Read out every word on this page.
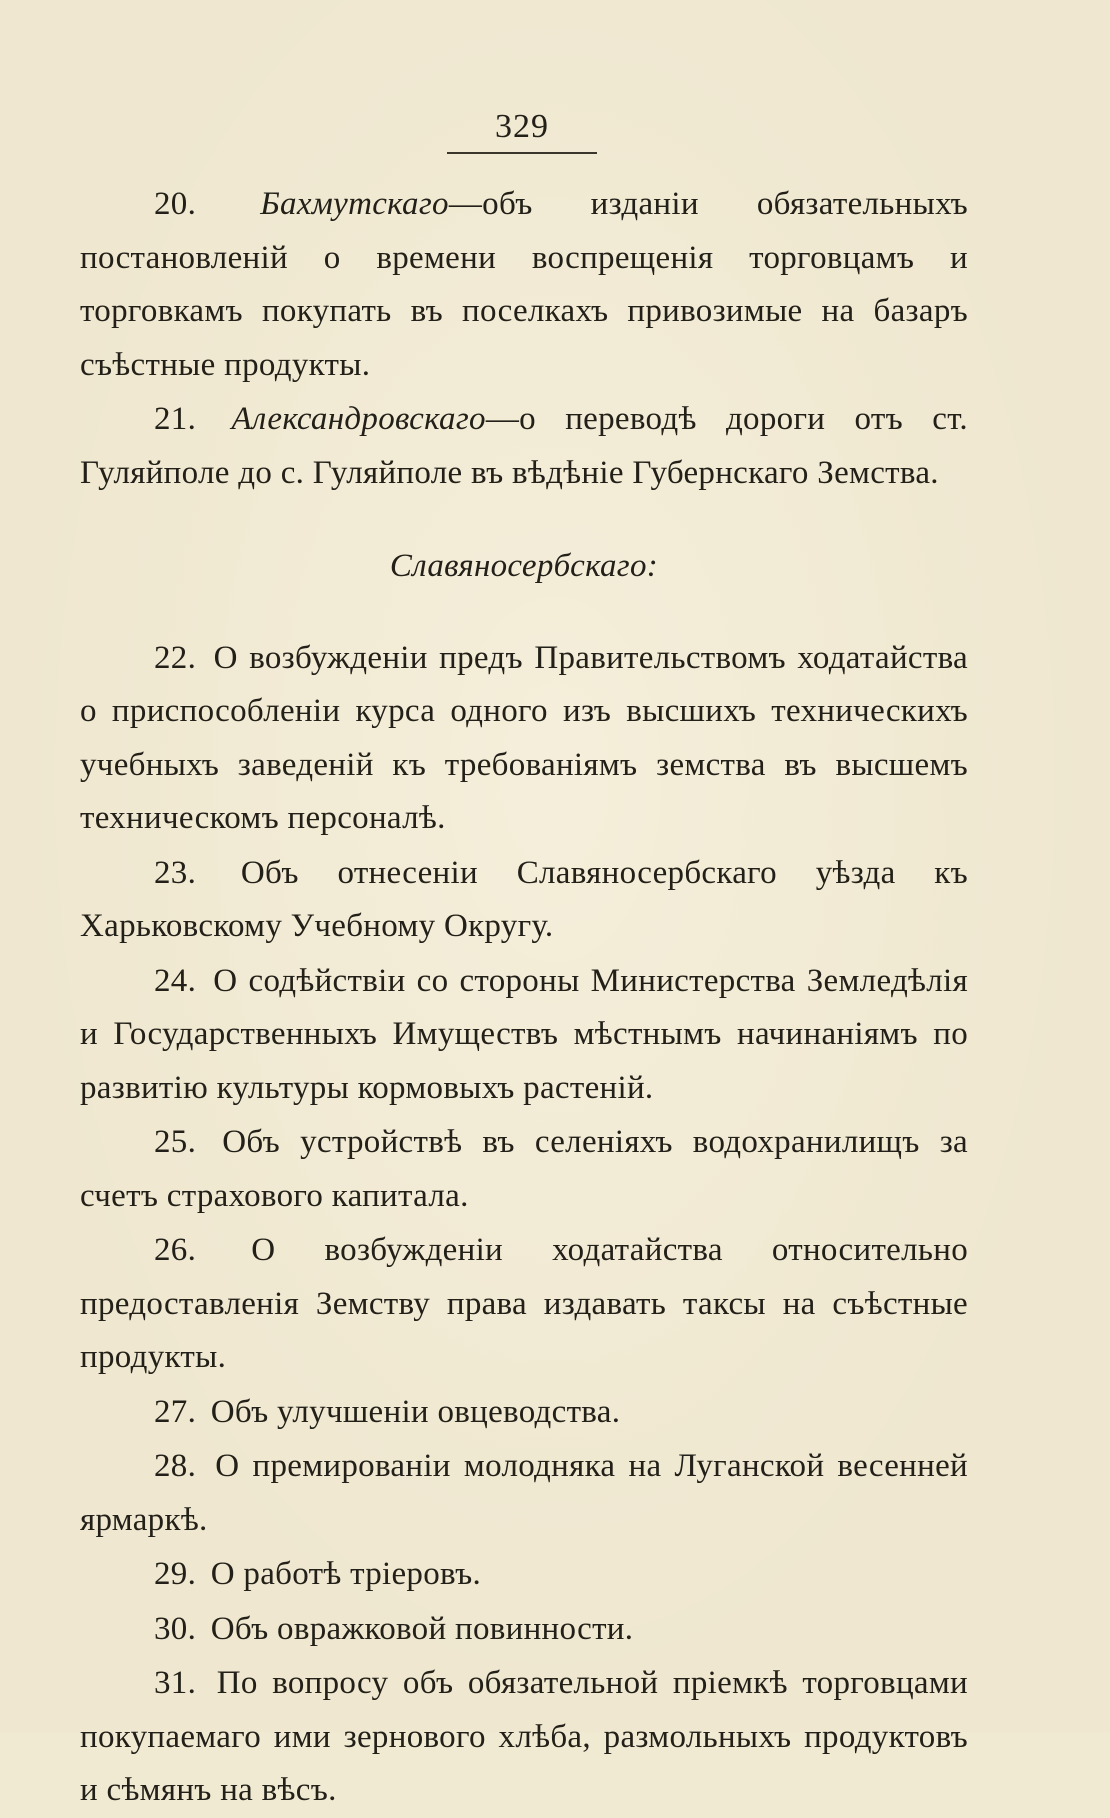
329

20. Бахмутскаго—объ изданіи обязательныхъ постановленій о времени воспрещенія торговцамъ и торговкамъ покупать въ поселкахъ привозимые на базаръ съѣстные продукты.

21. Александровскаго—о переводѣ дороги отъ ст. Гуляйполе до с. Гуляйполе въ вѣдѣніе Губернскаго Земства.

Славяносербскаго:

22. О возбужденіи предъ Правительствомъ ходатайства о приспособленіи курса одного изъ высшихъ техническихъ учебныхъ заведеній къ требованіямъ земства въ высшемъ техническомъ персоналѣ.

23. Объ отнесеніи Славяносербскаго уѣзда къ Харьковскому Учебному Округу.

24. О содѣйствіи со стороны Министерства Земледѣлія и Государственныхъ Имуществъ мѣстнымъ начинаніямъ по развитію культуры кормовыхъ растеній.

25. Объ устройствѣ въ селеніяхъ водохранилищъ за счетъ страхового капитала.

26. О возбужденіи ходатайства относительно предоставленія Земству права издавать таксы на съѣстные продукты.

27. Объ улучшеніи овцеводства.

28. О премированіи молодняка на Луганской весенней ярмаркѣ.

29. О работѣ тріеровъ.

30. Объ овражковой повинности.

31. По вопросу объ обязательной пріемкѣ торговцами покупаемаго ими зернового хлѣба, размольныхъ продуктовъ и сѣмянъ на вѣсъ.
